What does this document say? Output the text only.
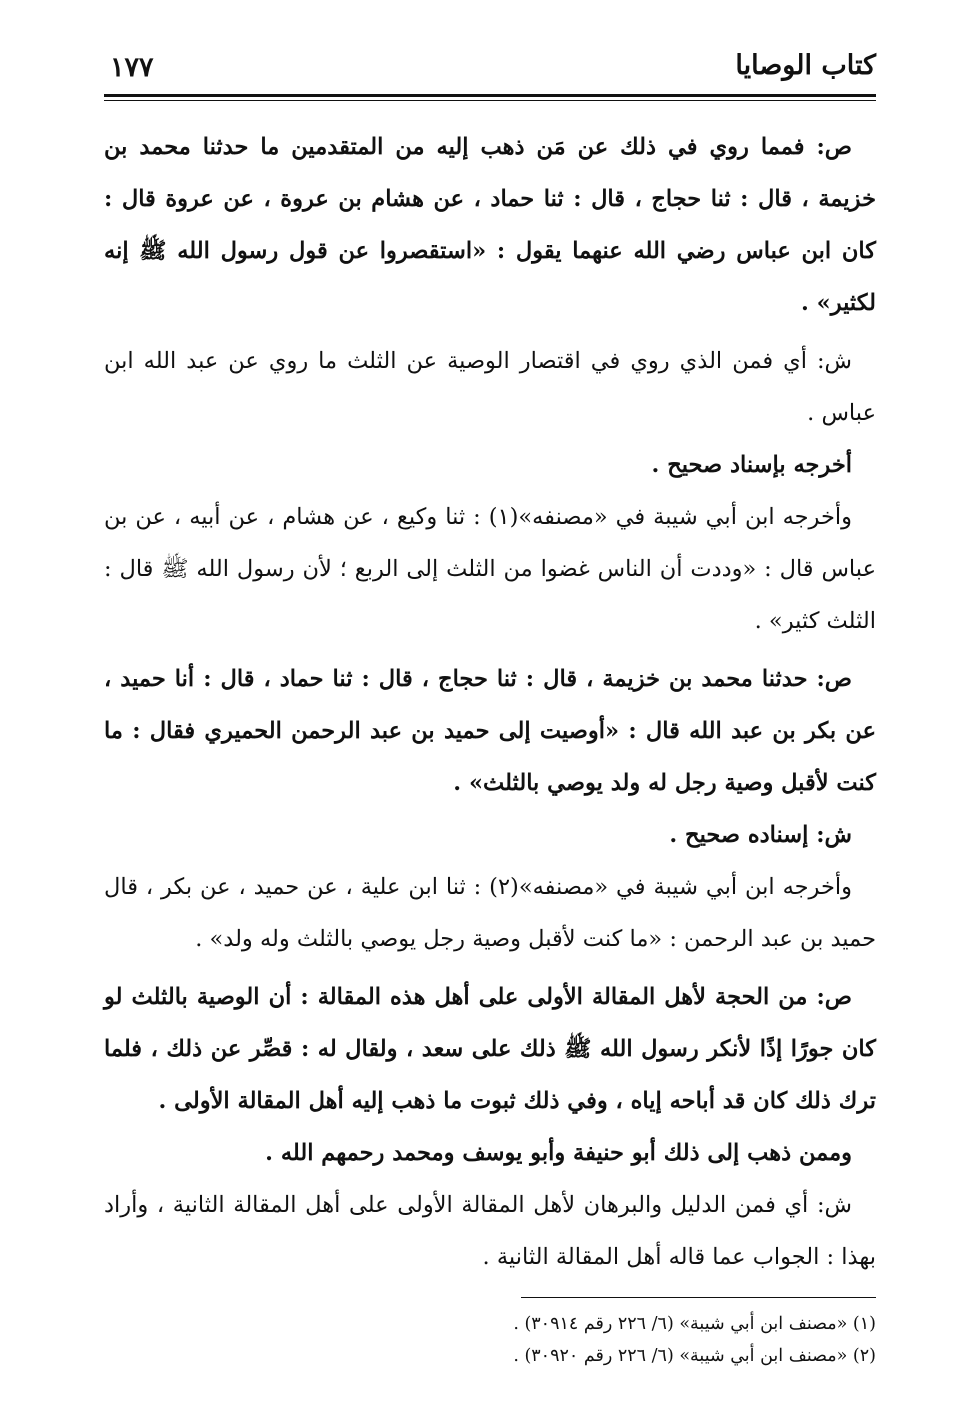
كتاب الوصايا
١٧٧

ص: فمما روي في ذلك عن مَن ذهب إليه من المتقدمين ما حدثنا محمد بن خزيمة ، قال : ثنا حجاج ، قال : ثنا حماد ، عن هشام بن عروة ، عن عروة قال : كان ابن عباس رضي الله عنهما يقول : «استقصروا عن قول رسول الله ﷺ إنه لكثير» .

ش: أي فمن الذي روي في اقتصار الوصية عن الثلث ما روي عن عبد الله ابن عباس .

أخرجه بإسناد صحيح .

وأخرجه ابن أبي شيبة في «مصنفه»(١) : ثنا وكيع ، عن هشام ، عن أبيه ، عن بن عباس قال : «وددت أن الناس غضوا من الثلث إلى الربع ؛ لأن رسول الله ﷺ قال : الثلث كثير» .

ص: حدثنا محمد بن خزيمة ، قال : ثنا حجاج ، قال : ثنا حماد ، قال : أنا حميد ، عن بكر بن عبد الله قال : «أوصيت إلى حميد بن عبد الرحمن الحميري فقال : ما كنت لأقبل وصية رجل له ولد يوصي بالثلث» .

ش: إسناده صحيح .

وأخرجه ابن أبي شيبة في «مصنفه»(٢) : ثنا ابن علية ، عن حميد ، عن بكر ، قال حميد بن عبد الرحمن : «ما كنت لأقبل وصية رجل يوصي بالثلث وله ولد» .

ص: من الحجة لأهل المقالة الأولى على أهل هذه المقالة : أن الوصية بالثلث لو كان جورًا إذًا لأنكر رسول الله ﷺ ذلك على سعد ، ولقال له : قصِّر عن ذلك ، فلما ترك ذلك كان قد أباحه إياه ، وفي ذلك ثبوت ما ذهب إليه أهل المقالة الأولى .

وممن ذهب إلى ذلك أبو حنيفة وأبو يوسف ومحمد رحمهم الله .

ش: أي فمن الدليل والبرهان لأهل المقالة الأولى على أهل المقالة الثانية ، وأراد بهذا : الجواب عما قاله أهل المقالة الثانية .

(١) «مصنف ابن أبي شيبة» (٦/ ٢٢٦ رقم ٣٠٩١٤) .

(٢) «مصنف ابن أبي شيبة» (٦/ ٢٢٦ رقم ٣٠٩٢٠) .
